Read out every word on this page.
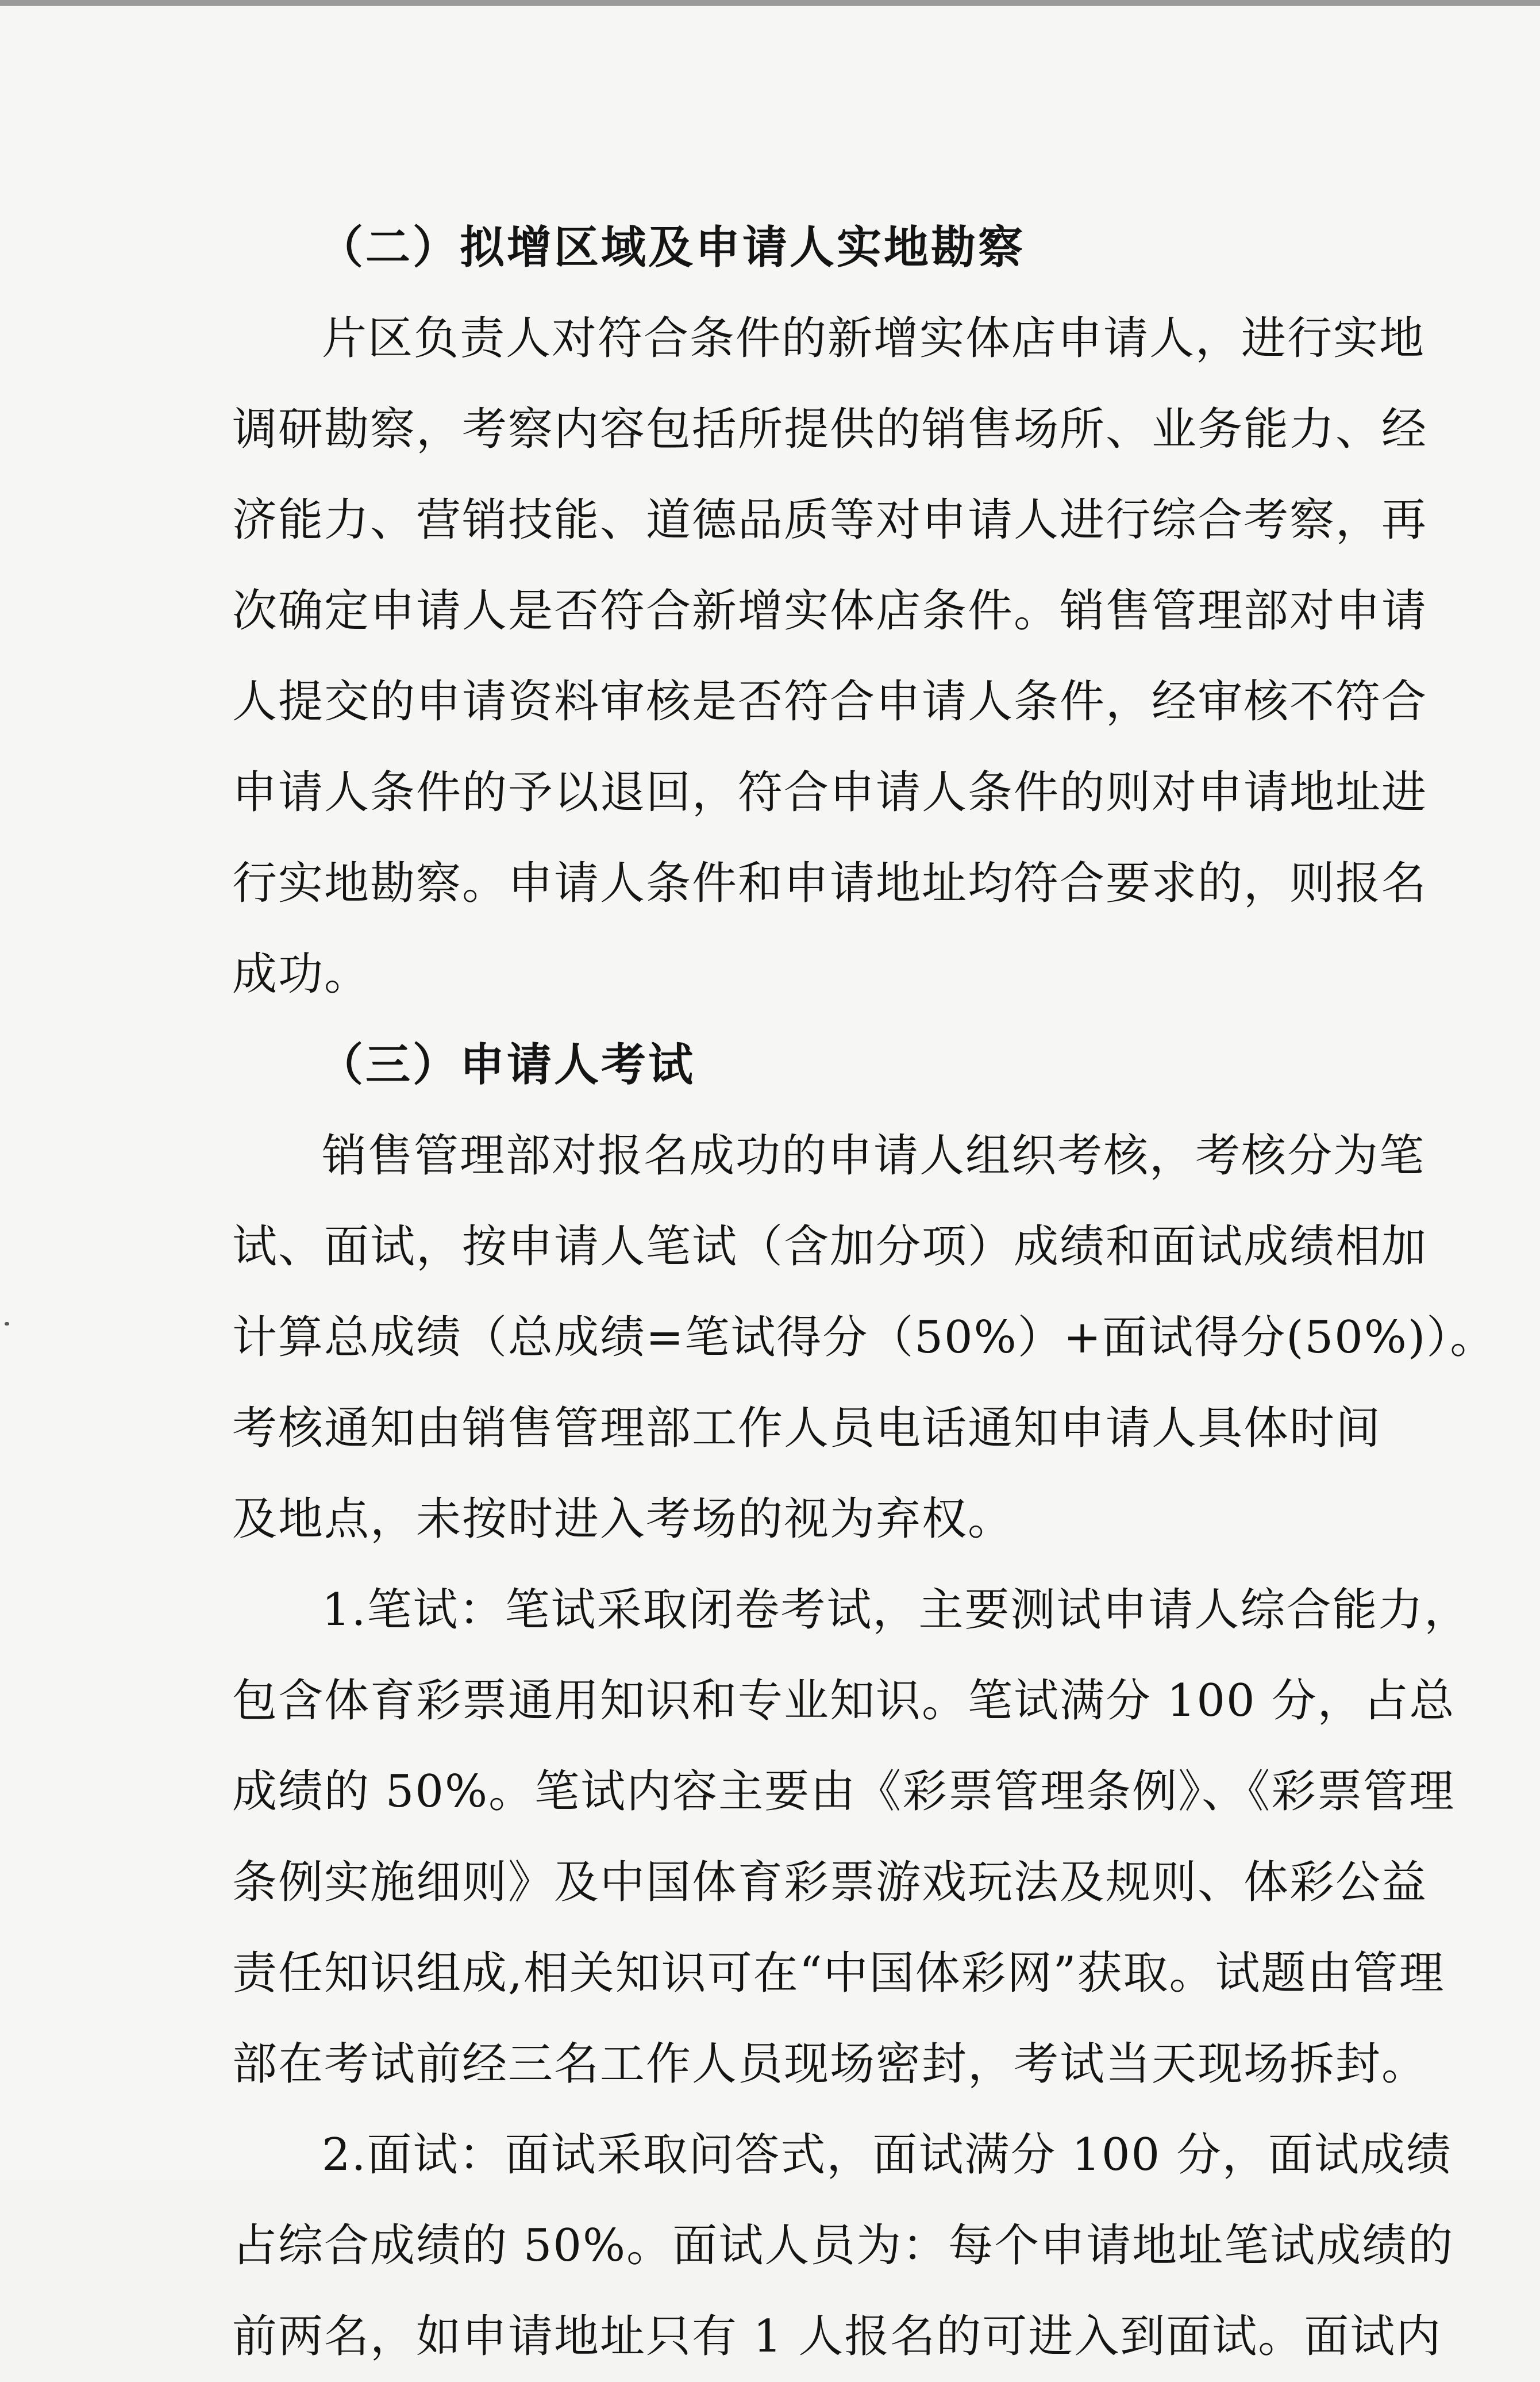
（二）拟增区域及申请人实地勘察
片区负责人对符合条件的新增实体店申请人，进行实地
调研勘察，考察内容包括所提供的销售场所、业务能力、经
济能力、营销技能、道德品质等对申请人进行综合考察，再
次确定申请人是否符合新增实体店条件。销售管理部对申请
人提交的申请资料审核是否符合申请人条件，经审核不符合
申请人条件的予以退回，符合申请人条件的则对申请地址进
行实地勘察。申请人条件和申请地址均符合要求的，则报名
成功。
（三）申请人考试
销售管理部对报名成功的申请人组织考核，考核分为笔
试、面试，按申请人笔试（含加分项）成绩和面试成绩相加
计算总成绩（总成绩=笔试得分（50%）+面试得分(50%)）。
考核通知由销售管理部工作人员电话通知申请人具体时间
及地点，未按时进入考场的视为弃权。
1.笔试：笔试采取闭卷考试，主要测试申请人综合能力，
包含体育彩票通用知识和专业知识。笔试满分 100 分，占总
成绩的 50%。笔试内容主要由《彩票管理条例》、《彩票管理
条例实施细则》及中国体育彩票游戏玩法及规则、体彩公益
责任知识组成,相关知识可在“中国体彩网”获取。试题由管理
部在考试前经三名工作人员现场密封，考试当天现场拆封。
2.面试：面试采取问答式，面试满分 100 分，面试成绩
占综合成绩的 50%。面试人员为：每个申请地址笔试成绩的
前两名，如申请地址只有 1 人报名的可进入到面试。面试内
